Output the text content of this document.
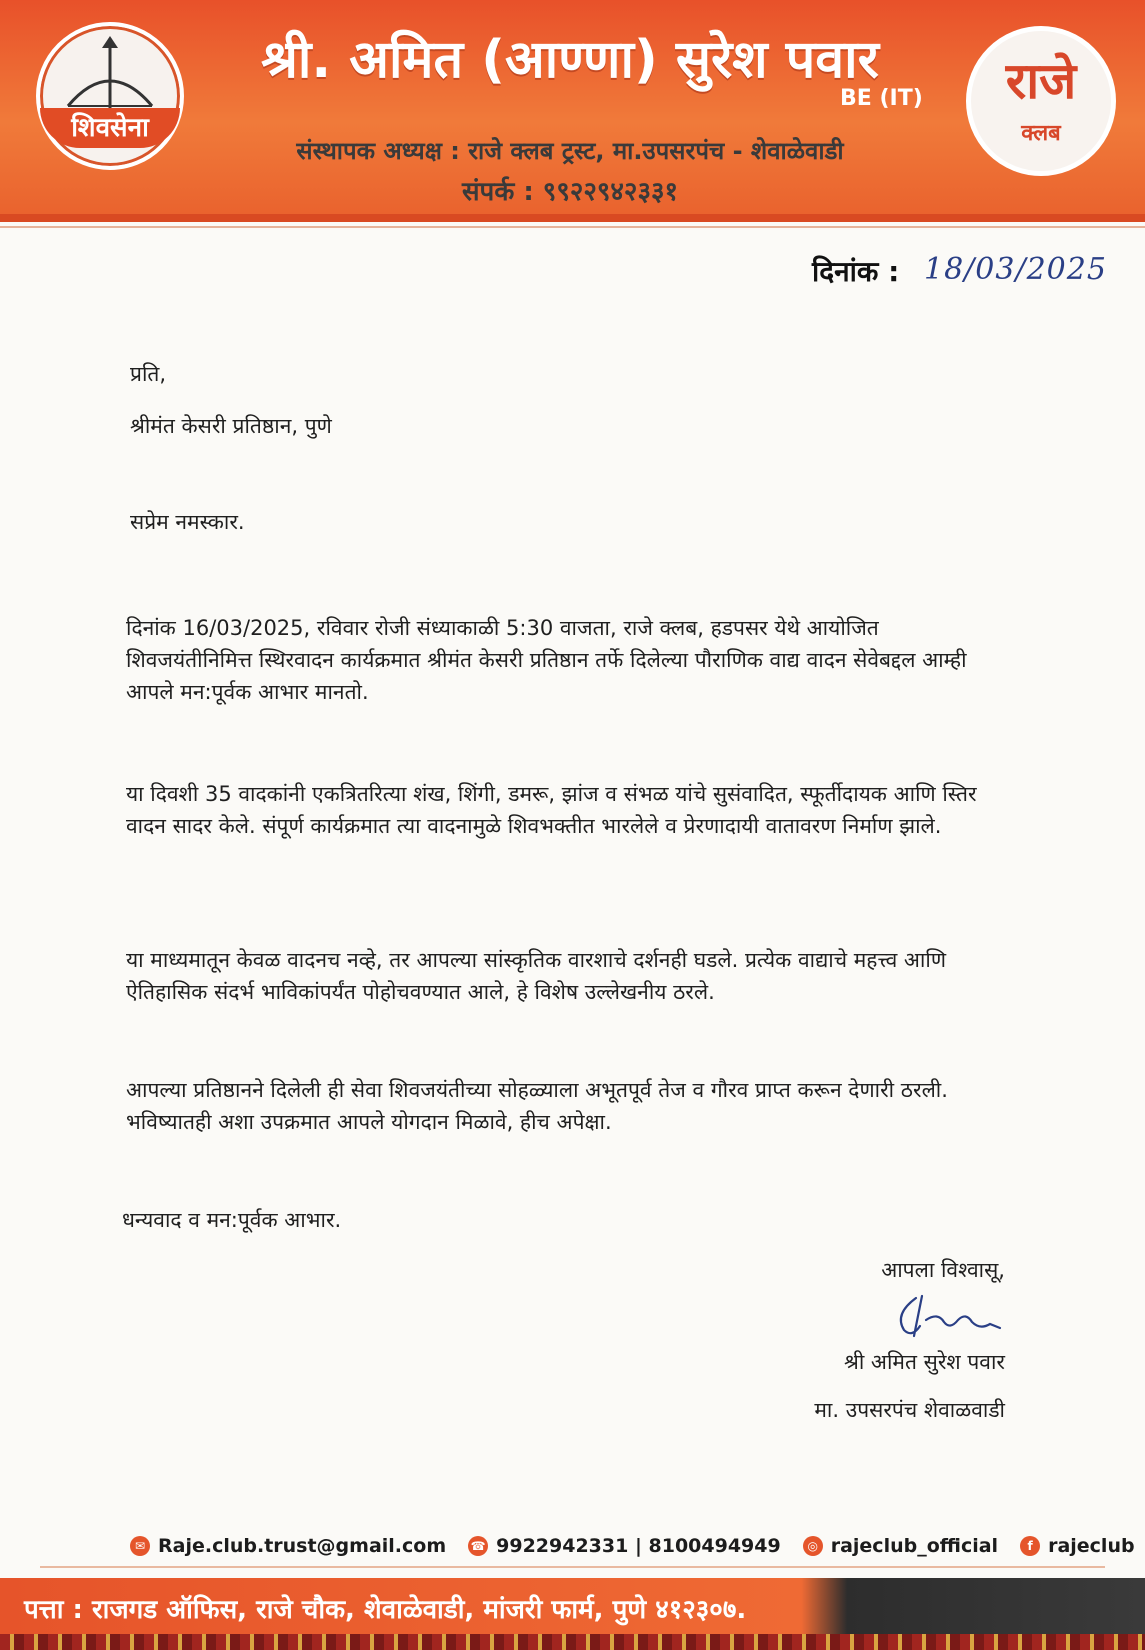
शिवसेना
श्री. अमित (आण्णा) सुरेश पवार
BE (IT)
संस्थापक अध्यक्ष : राजे क्लब ट्रस्ट, मा.उपसरपंच - शेवाळेवाडी
संपर्क : ९९२२९४२३३१
राजे
क्लब
दिनांक : 18/03/2025
प्रति,
श्रीमंत केसरी प्रतिष्ठान, पुणे
सप्रेम नमस्कार.
दिनांक 16/03/2025, रविवार रोजी संध्याकाळी 5:30 वाजता, राजे क्लब, हडपसर येथे आयोजित शिवजयंतीनिमित्त स्थिरवादन कार्यक्रमात श्रीमंत केसरी प्रतिष्ठान तर्फे दिलेल्या पौराणिक वाद्य वादन सेवेबद्दल आम्ही आपले मन:पूर्वक आभार मानतो.
या दिवशी 35 वादकांनी एकत्रितरित्या शंख, शिंगी, डमरू, झांज व संभळ यांचे सुसंवादित, स्फूर्तीदायक आणि स्तिर वादन सादर केले. संपूर्ण कार्यक्रमात त्या वादनामुळे शिवभक्तीत भारलेले व प्रेरणादायी वातावरण निर्माण झाले.
या माध्यमातून केवळ वादनच नव्हे, तर आपल्या सांस्कृतिक वारशाचे दर्शनही घडले. प्रत्येक वाद्याचे महत्त्व आणि ऐतिहासिक संदर्भ भाविकांपर्यंत पोहोचवण्यात आले, हे विशेष उल्लेखनीय ठरले.
आपल्या प्रतिष्ठानने दिलेली ही सेवा शिवजयंतीच्या सोहळ्याला अभूतपूर्व तेज व गौरव प्राप्त करून देणारी ठरली. भविष्यातही अशा उपक्रमात आपले योगदान मिळावे, हीच अपेक्षा.
धन्यवाद व मन:पूर्वक आभार.
आपला विश्वासू,
श्री अमित सुरेश पवार
मा. उपसरपंच शेवाळवाडी
✉ Raje.club.trust@gmail.com ☎ 9922942331 | 8100494949	◎ rajeclub_official	f rajeclub
पत्ता : राजगड ऑफिस, राजे चौक, शेवाळेवाडी, मांजरी फार्म, पुणे ४१२३०७.
